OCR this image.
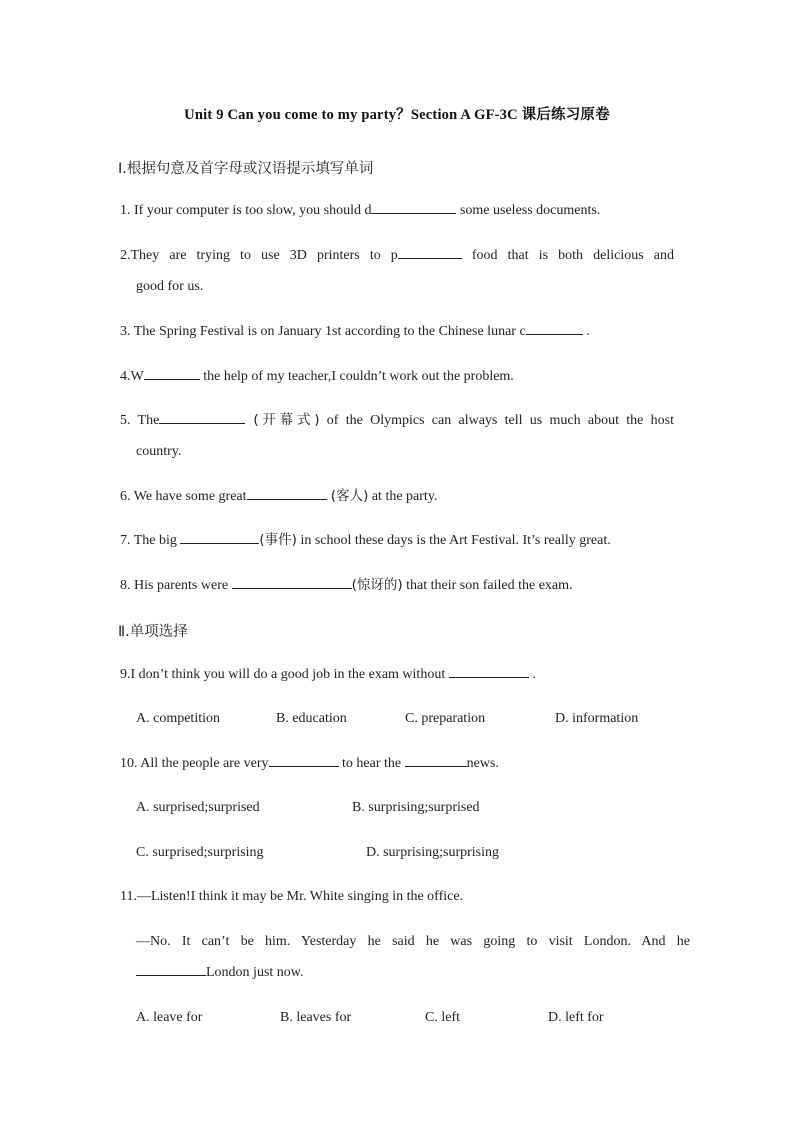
Unit 9 Can you come to my party？Section A GF-3C 课后练习原卷
Ⅰ.根据句意及首字母或汉语提示填写单词
1. If your computer is too slow, you should d	some useless documents.
2.They are trying to use 3D printers to p	food that is both delicious and
good for us.
3. The Spring Festival is on January 1st according to the Chinese lunar c	.
4.W	the help of my teacher,I couldn’t work out the problem.
5. The	(开幕式) of the Olympics can always tell us much about the host
country.
6. We have some great	(客人) at the party.
7. The big	(事件) in school these days is the Art Festival. It’s really great.
8. His parents were	(惊讶的) that their son failed the exam.
Ⅱ.单项选择
9.I don’t think you will do a good job in the exam without	.
A. competition	B. education	C. preparation	D. information
10. All the people are very	to hear the	news.
A. surprised;surprised	B. surprising;surprised
C. surprised;surprising	D. surprising;surprising
11.—Listen!I think it may be Mr. White singing in the office.
—No. It can’t be him. Yesterday he said he was going to visit London. And he
London just now.
A. leave for	B. leaves for	C. left	D. left for
